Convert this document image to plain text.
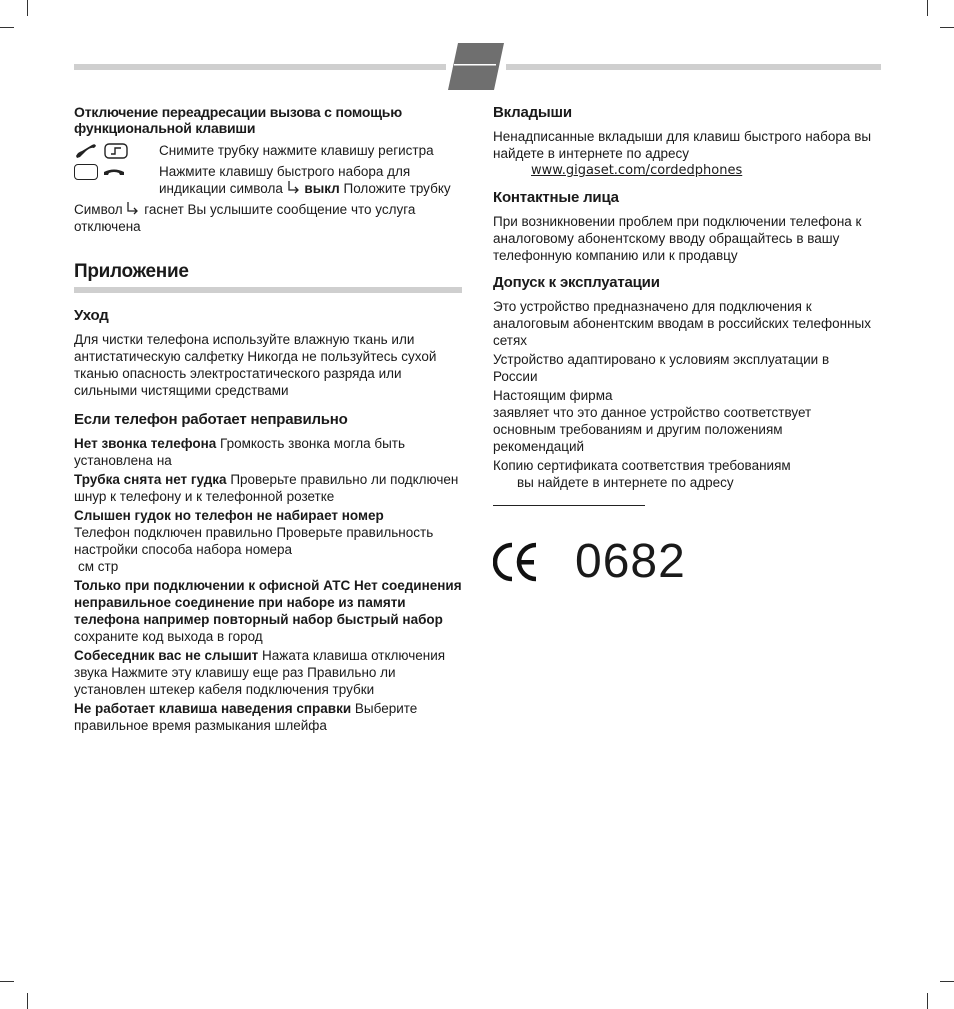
Отключение переадресации вызова с помощью функциональной клавиши
Снимите трубку нажмите клавишу регистра
Нажмите клавишу быстрого набора для индикации символа  выкл Положите трубку

Символ  гаснет Вы услышите сообщение что услуга отключена

Приложение
Уход

Для чистки телефона используйте влажную ткань или антистатическую салфетку Никогда не пользуйтесь сухой тканью опасность электростатического разряда или сильными чистящими средствами

Если телефон работает неправильно

Нет звонка телефона Громкость звонка могла быть установлена на

Трубка снята нет гудка Проверьте правильно ли подключен шнур к телефону и к телефонной розетке

Слышен гудок но телефон не набирает номер

Телефон подключен правильно Проверьте правильность настройки способа набора номера

см стр

Только при подключении к офисной АТС Нет соединения неправильное соединение при наборе из памяти телефона например повторный набор быстрый набор сохраните код выхода в город

Собеседник вас не слышит Нажата клавиша отключения звука Нажмите эту клавишу еще раз Правильно ли установлен штекер кабеля подключения трубки

Не работает клавиша наведения справки Выберите правильное время размыкания шлейфа

Вкладыши

Ненадписанные вкладыши для клавиш быстрого набора вы найдете в интернете по адресу

www.gigaset.com/cordedphones
Контактные лица

При возникновении проблем при подключении телефона к аналоговому абонентскому вводу обращайтесь в вашу телефонную компанию или к продавцу

Допуск к эксплуатации

Это устройство предназначено для подключения к аналоговым абонентским вводам в российских телефонных сетях

Устройство адаптировано к условиям эксплуатации в России

Настоящим фирма

заявляет что это данное устройство соответствует основным требованиям и другим положениям рекомендаций

Копию сертификата соответствия требованиям

вы найдете в интернете по адресу
0682
